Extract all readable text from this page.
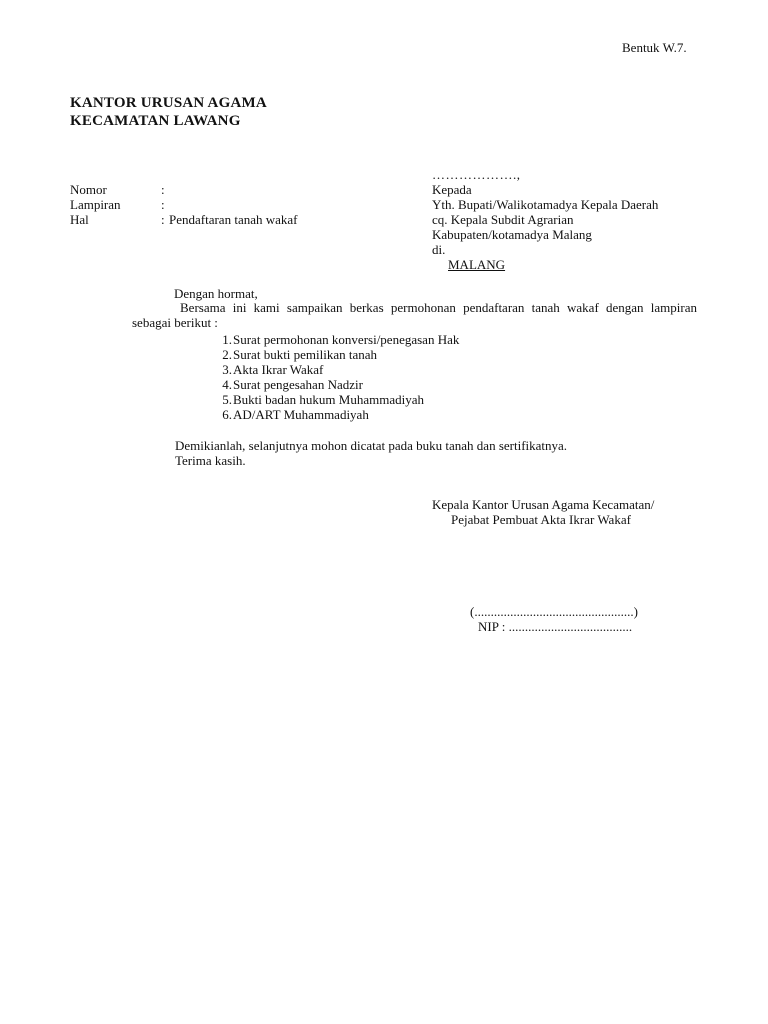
Bentuk W.7.
KANTOR URUSAN AGAMA
KECAMATAN LAWANG
……………….,
Nomor	:
Lampiran	:
Hal	: Pendaftaran tanah wakaf
Kepada
Yth. Bupati/Walikotamadya Kepala Daerah
cq. Kepala Subdit Agrarian
Kabupaten/kotamadya Malang
di.
MALANG
Dengan hormat,
Bersama ini kami sampaikan berkas permohonan pendaftaran tanah wakaf dengan lampiran sebagai berikut :
1. Surat permohonan konversi/penegasan Hak
2. Surat bukti pemilikan tanah
3. Akta Ikrar Wakaf
4. Surat pengesahan Nadzir
5. Bukti badan hukum Muhammadiyah
6. AD/ART Muhammadiyah
Demikianlah, selanjutnya mohon dicatat pada buku tanah dan sertifikatnya.
Terima kasih.
Kepala Kantor Urusan Agama Kecamatan/
Pejabat Pembuat Akta Ikrar Wakaf
(.................................................)
NIP : ......................................
